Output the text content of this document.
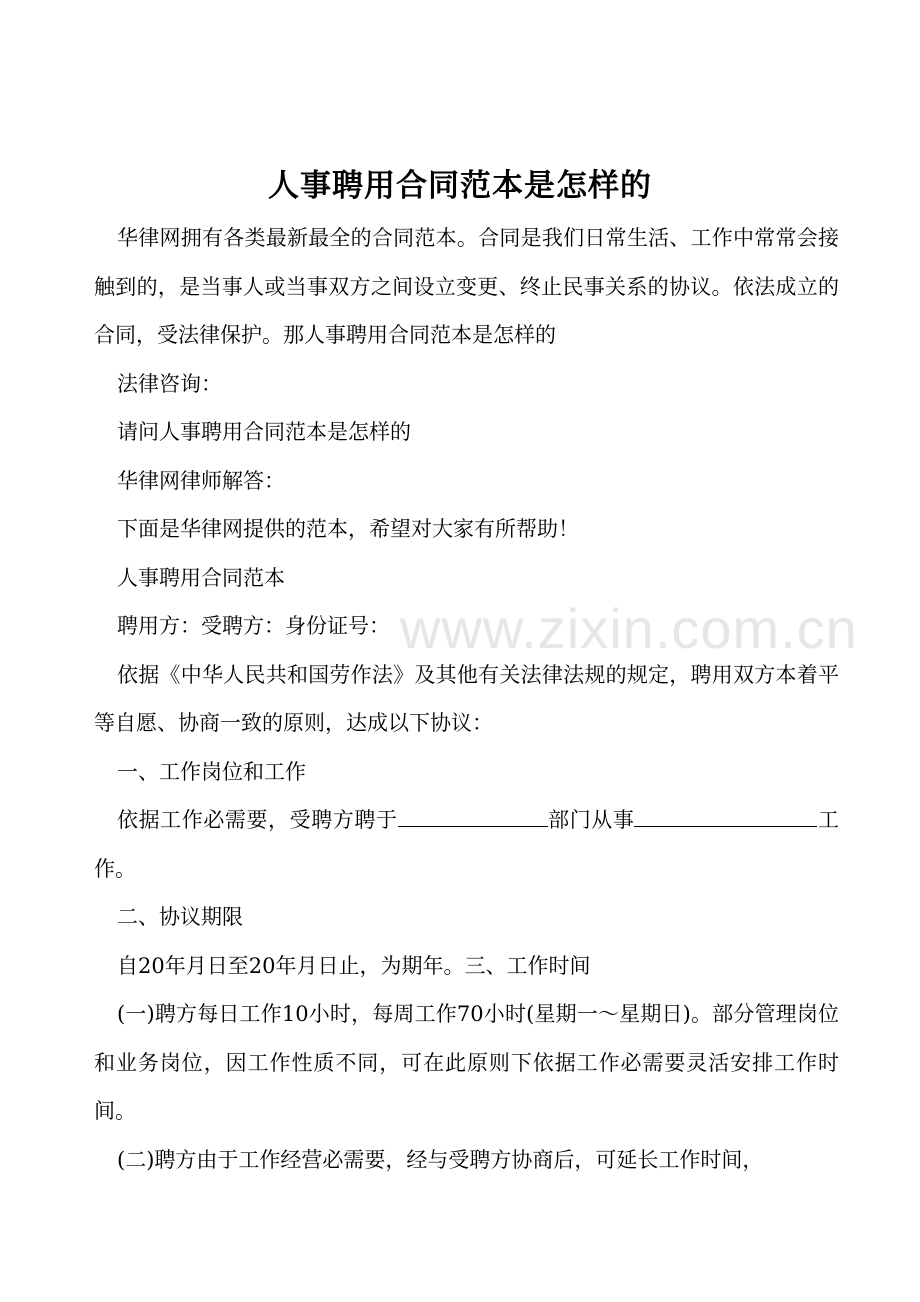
人事聘用合同范本是怎样的

华律网拥有各类最新最全的合同范本。合同是我们日常生活、工作中常常会接触到的，是当事人或当事双方之间设立变更、终止民事关系的协议。依法成立的合同，受法律保护。那人事聘用合同范本是怎样的

法律咨询：

请问人事聘用合同范本是怎样的

华律网律师解答：

下面是华律网提供的范本，希望对大家有所帮助！

人事聘用合同范本

聘用方：受聘方：身份证号：

依据《中华人民共和国劳作法》及其他有关法律法规的规定，聘用双方本着平等自愿、协商一致的原则，达成以下协议：

一、工作岗位和工作

依据工作必需要，受聘方聘于	部门从事	工作。

二、协议期限

自20年月日至20年月日止，为期年。三、工作时间

(一)聘方每日工作10小时，每周工作70小时(星期一～星期日)。部分管理岗位和业务岗位，因工作性质不同，可在此原则下依据工作必需要灵活安排工作时间。

(二)聘方由于工作经营必需要，经与受聘方协商后，可延长工作时间，

www.zixin.com.cn
